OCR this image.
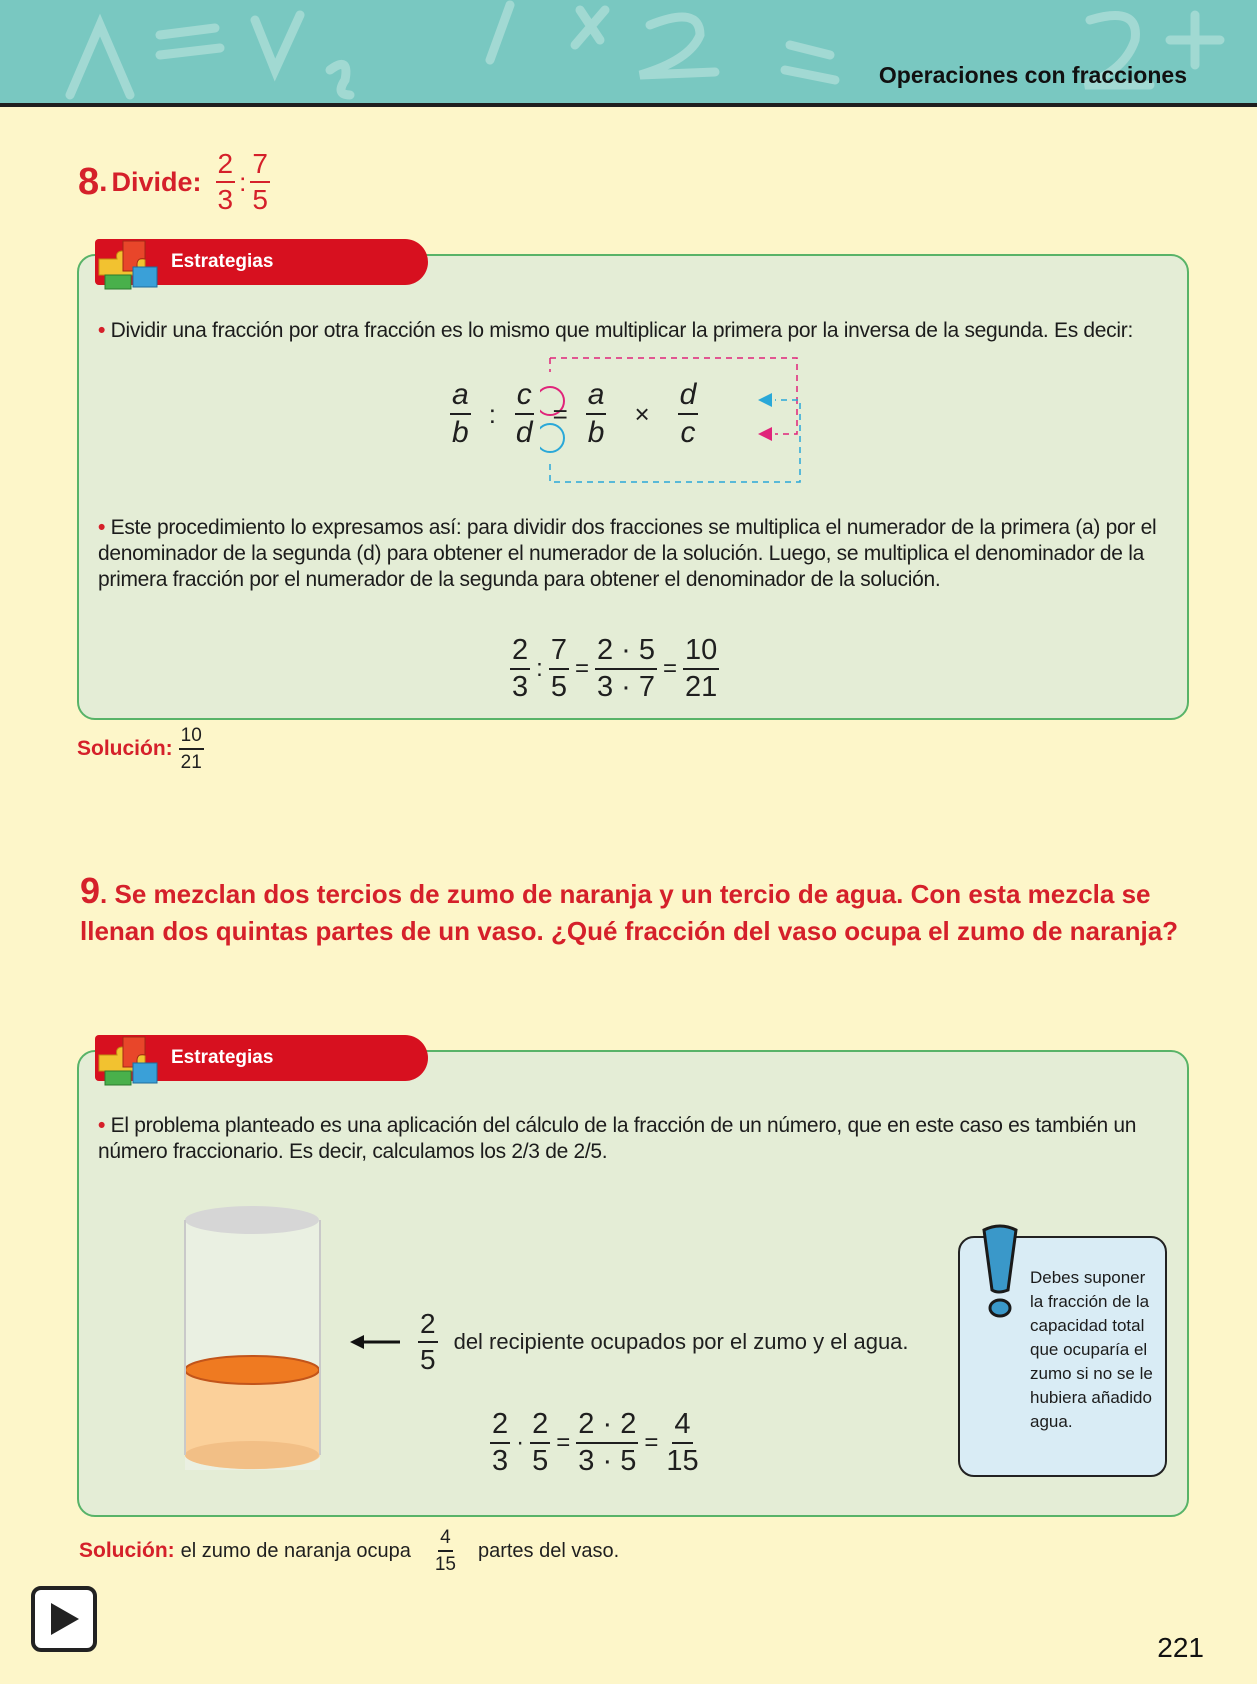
Operaciones con fracciones
8 . Divide: $\frac{2}{3}$ : $\frac{7}{5}$
Estrategias
• Dividir una fracción por otra fracción es lo mismo que multiplicar la primera por la inversa de la segunda. Es decir:
$\frac{a}{b}$ : $\frac{c}{d} = \frac{a}{b} \times \frac{d}{c}$
• Este procedimiento lo expresamos así: para dividir dos fracciones se multiplica el numerador de la primera (a) por el denominador de la segunda (d) para obtener el numerador de la solución. Luego, se multiplica el denominador de la primera fracción por el numerador de la segunda para obtener el denominador de la solución.
$\frac{2}{3}$ : $\frac{7}{5} = \frac{2 \cdot 5}{3 \cdot 7} = \frac{10}{21}$
Solución: $\frac{10}{21}$
9. Se mezclan dos tercios de zumo de naranja y un tercio de agua. Con esta mezcla se llenan dos quintas partes de un vaso. ¿Qué fracción del vaso ocupa el zumo de naranja?
Estrategias
• El problema planteado es una aplicación del cálculo de la fracción de un número, que en este caso es también un número fraccionario. Es decir, calculamos los 2/3 de 2/5.
$\frac{2}{5}$ del recipiente ocupados por el zumo y el agua.
$\frac{2}{3} \cdot \frac{2}{5} = \frac{2 \cdot 2}{3 \cdot 5} = \frac{4}{15}$
Debes suponer la fracción de la capacidad total que ocuparía el zumo si no se le hubiera añadido agua.
Solución: el zumo de naranja ocupa $\frac{4}{15}$ partes del vaso.
221
